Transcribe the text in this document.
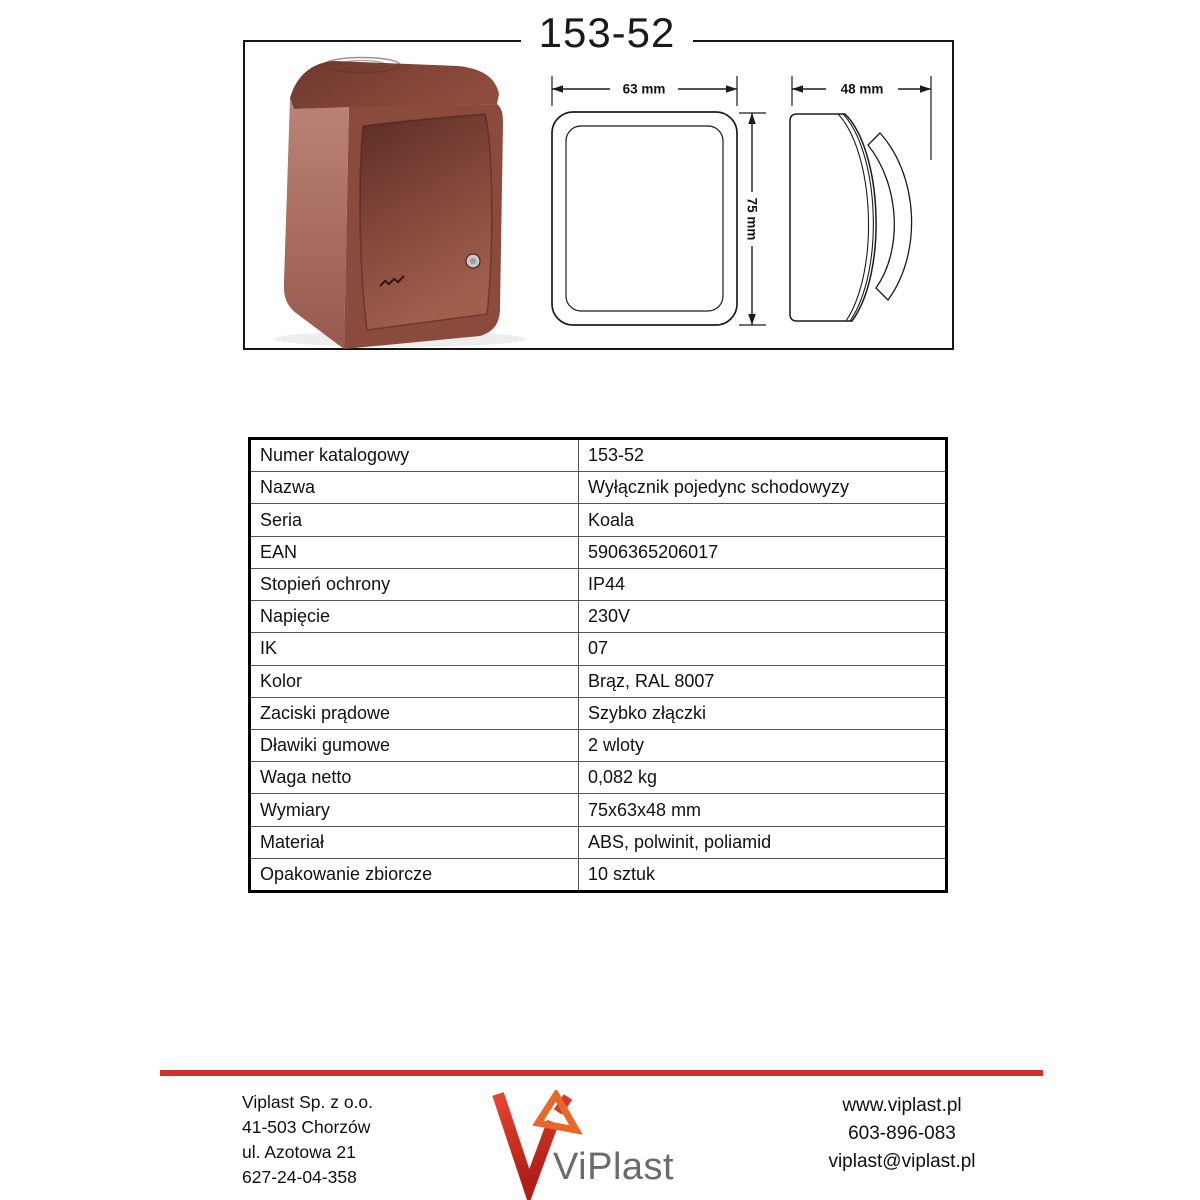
153-52
63 mm
75 mm
48 mm
Numer katalogowy	153-52
Nazwa	Wyłącznik pojedync schodowyzy
Seria	Koala
EAN	5906365206017
Stopień ochrony	IP44
Napięcie	230V
IK	07
Kolor	Brąz, RAL 8007
Zaciski prądowe	Szybko złączki
Dławiki gumowe	2 wloty
Waga netto	0,082 kg
Wymiary	75x63x48 mm
Materiał	ABS, polwinit, poliamid
Opakowanie zbiorcze	10 sztuk
Viplast Sp. z o.o.
41-503 Chorzów
ul. Azotowa 21
627-24-04-358	ViPlast
www.viplast.pl
603-896-083
viplast@viplast.pl
